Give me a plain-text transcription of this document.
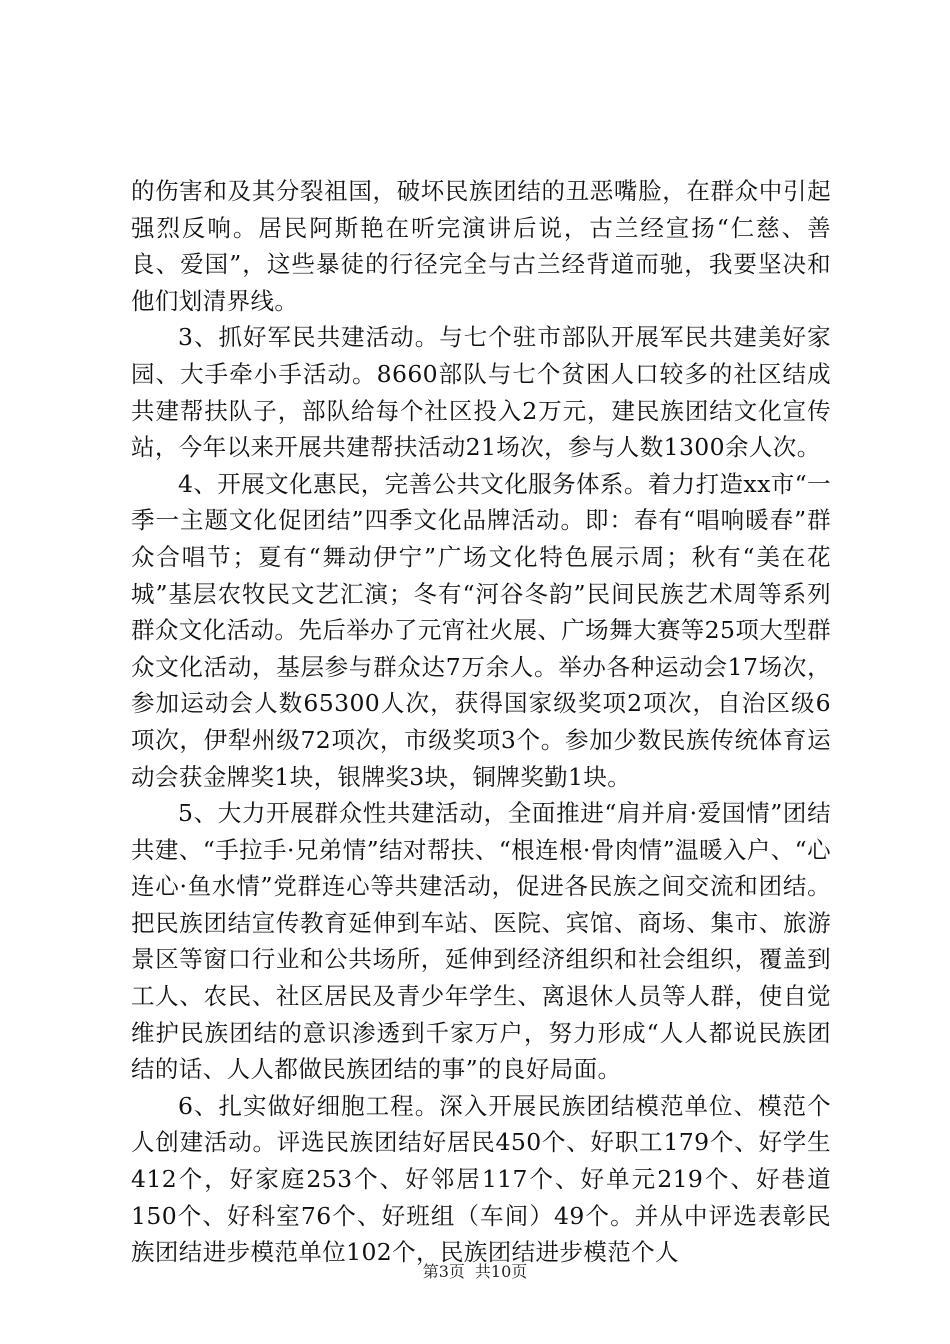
的伤害和及其分裂祖国，破坏民族团结的丑恶嘴脸，在群众中引起强烈反响。居民阿斯艳在听完演讲后说，古兰经宣扬“仁慈、善良、爱国”，这些暴徒的行径完全与古兰经背道而驰，我要坚决和他们划清界线。

3、抓好军民共建活动。与七个驻市部队开展军民共建美好家园、大手牵小手活动。8660部队与七个贫困人口较多的社区结成共建帮扶队子，部队给每个社区投入2万元，建民族团结文化宣传站，今年以来开展共建帮扶活动21场次，参与人数1300余人次。

4、开展文化惠民，完善公共文化服务体系。着力打造xx市“一季一主题文化促团结”四季文化品牌活动。即：春有“唱响暖春”群众合唱节；夏有“舞动伊宁”广场文化特色展示周；秋有“美在花城”基层农牧民文艺汇演；冬有“河谷冬韵”民间民族艺术周等系列群众文化活动。先后举办了元宵社火展、广场舞大赛等25项大型群众文化活动，基层参与群众达7万余人。举办各种运动会17场次，参加运动会人数65300人次，获得国家级奖项2项次，自治区级6项次，伊犁州级72项次，市级奖项3个。参加少数民族传统体育运动会获金牌奖1块，银牌奖3块，铜牌奖勤1块。

5、大力开展群众性共建活动，全面推进“肩并肩·爱国情”团结共建、“手拉手·兄弟情”结对帮扶、“根连根·骨肉情”温暖入户、“心连心·鱼水情”党群连心等共建活动，促进各民族之间交流和团结。把民族团结宣传教育延伸到车站、医院、宾馆、商场、集市、旅游景区等窗口行业和公共场所，延伸到经济组织和社会组织，覆盖到工人、农民、社区居民及青少年学生、离退休人员等人群，使自觉维护民族团结的意识渗透到千家万户，努力形成“人人都说民族团结的话、人人都做民族团结的事”的良好局面。

6、扎实做好细胞工程。深入开展民族团结模范单位、模范个人创建活动。评选民族团结好居民450个、好职工179个、好学生412个，好家庭253个、好邻居117个、好单元219个、好巷道150个、好科室76个、好班组（车间）49个。并从中评选表彰民族团结进步模范单位102个，民族团结进步模范个人

第3页 共10页
